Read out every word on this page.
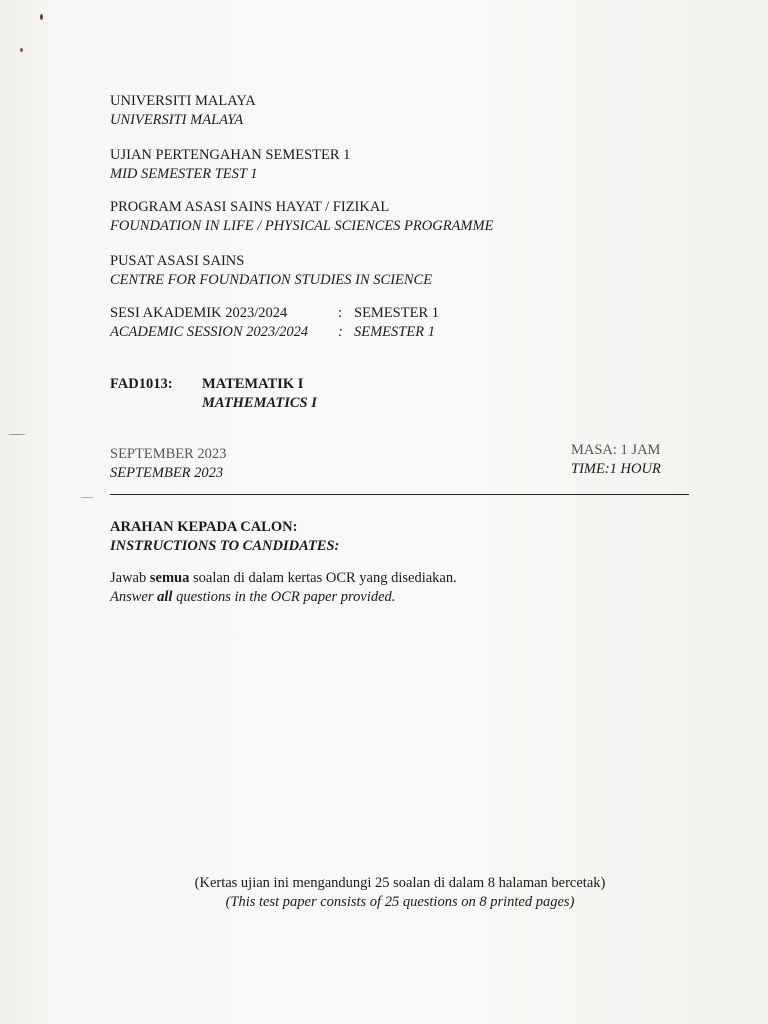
UNIVERSITI MALAYA
UNIVERSITI MALAYA
UJIAN PERTENGAHAN SEMESTER 1
MID SEMESTER TEST 1
PROGRAM ASASI SAINS HAYAT / FIZIKAL
FOUNDATION IN LIFE / PHYSICAL SCIENCES PROGRAMME
PUSAT ASASI SAINS
CENTRE FOR FOUNDATION STUDIES IN SCIENCE
SESI AKADEMIK 2023/2024	: SEMESTER 1
ACADEMIC SESSION 2023/2024	: SEMESTER 1
FAD1013:	MATEMATIK I
MATHEMATICS I
SEPTEMBER 2023
SEPTEMBER 2023
MASA: 1 JAM
TIME:1 HOUR
ARAHAN KEPADA CALON:
INSTRUCTIONS TO CANDIDATES:
Jawab semua soalan di dalam kertas OCR yang disediakan.
Answer all questions in the OCR paper provided.
(Kertas ujian ini mengandungi 25 soalan di dalam 8 halaman bercetak)
(This test paper consists of 25 questions on 8 printed pages)
